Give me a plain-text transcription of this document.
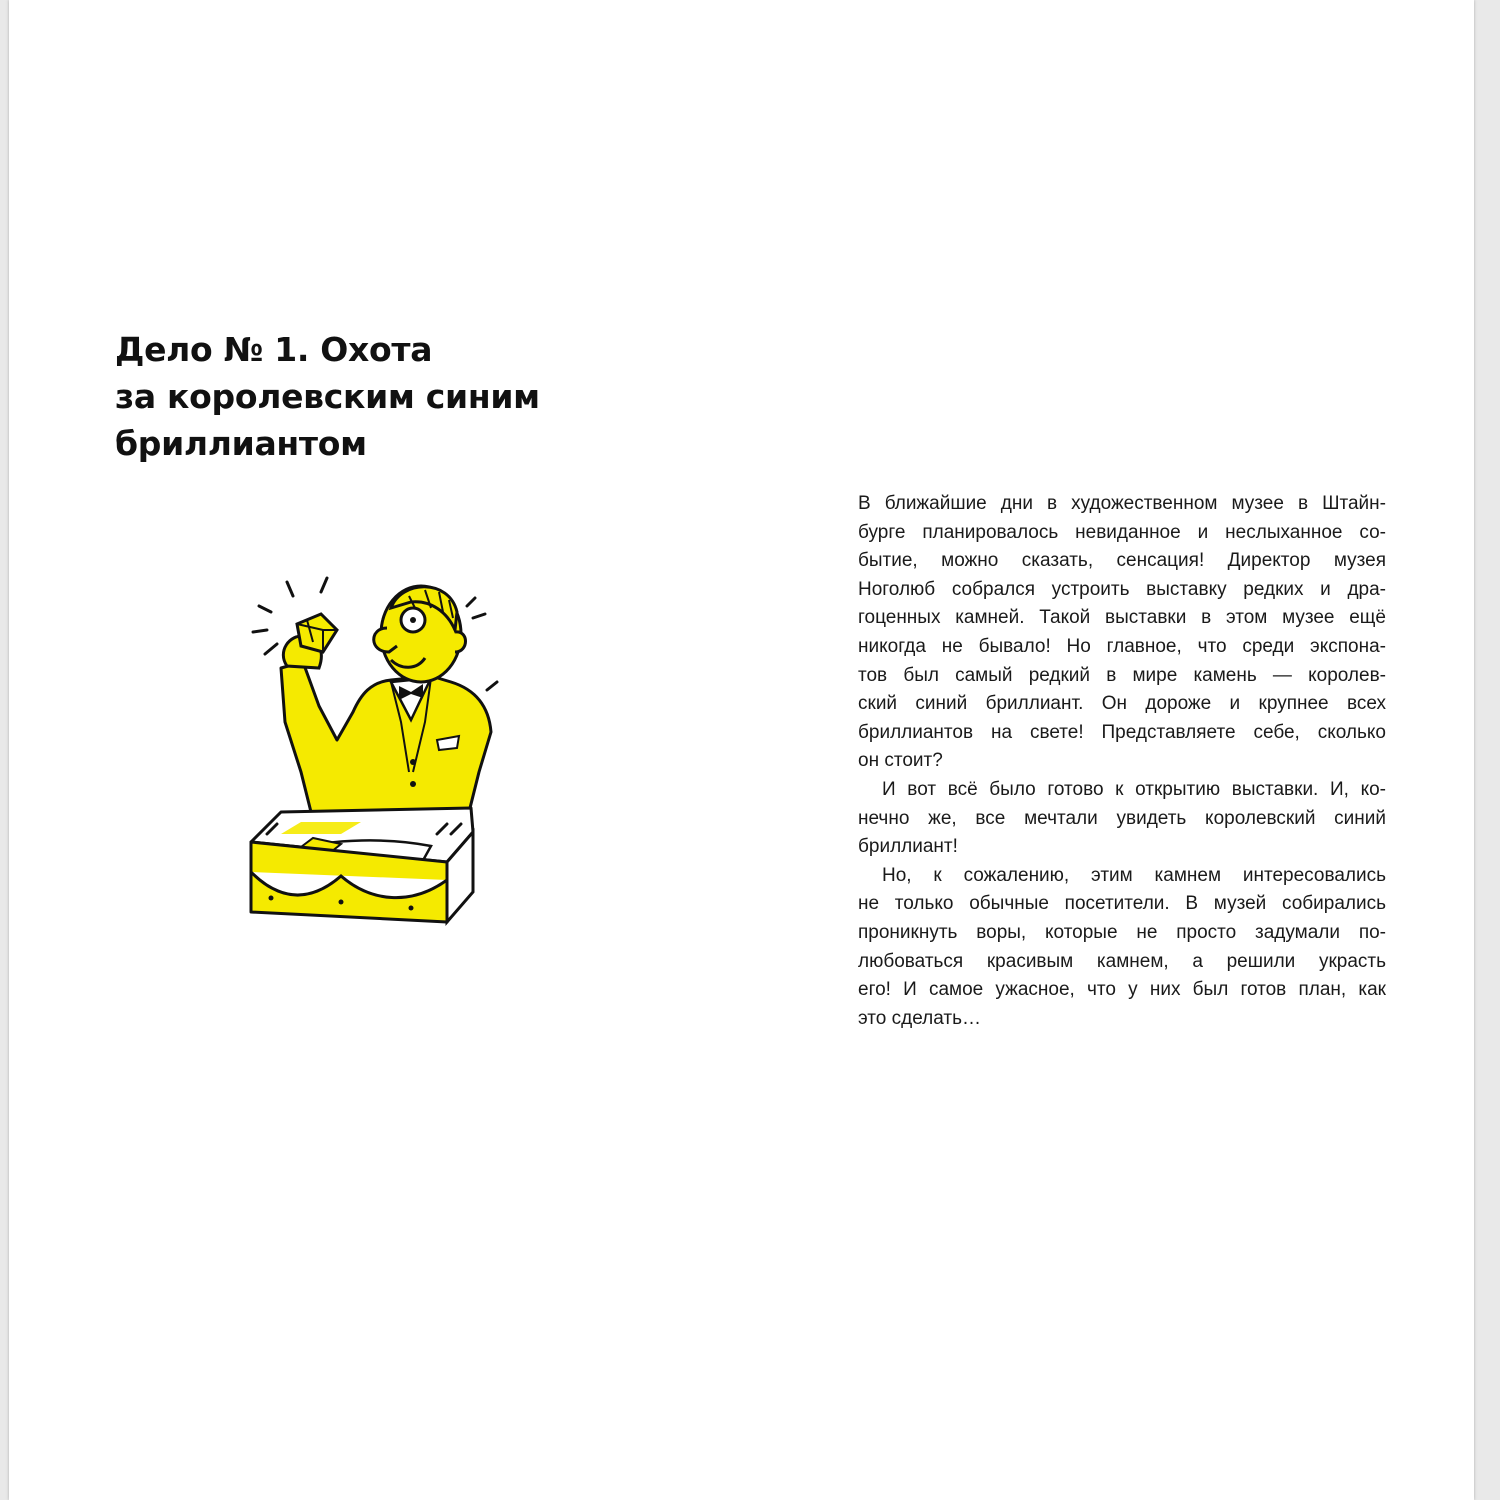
Дело № 1. Охота
за королевским синим
бриллиантом
В ближайшие дни в художественном музее в Штайн-
бурге планировалось невиданное и неслыханное со-
бытие, можно сказать, сенсация! Директор музея
Ноголюб собрался устроить выставку редких и дра-
гоценных камней. Такой выставки в этом музее ещё
никогда не бывало! Но главное, что среди экспона-
тов был самый редкий в мире камень — королев-
ский синий бриллиант. Он дороже и крупнее всех
бриллиантов на свете! Представляете себе, сколько
он стоит?
И вот всё было готово к открытию выставки. И, ко-
нечно же, все мечтали увидеть королевский синий
бриллиант!
Но, к сожалению, этим камнем интересовались
не только обычные посетители. В музей собирались
проникнуть воры, которые не просто задумали по-
любоваться красивым камнем, а решили украсть
его! И самое ужасное, что у них был готов план, как
это сделать…
